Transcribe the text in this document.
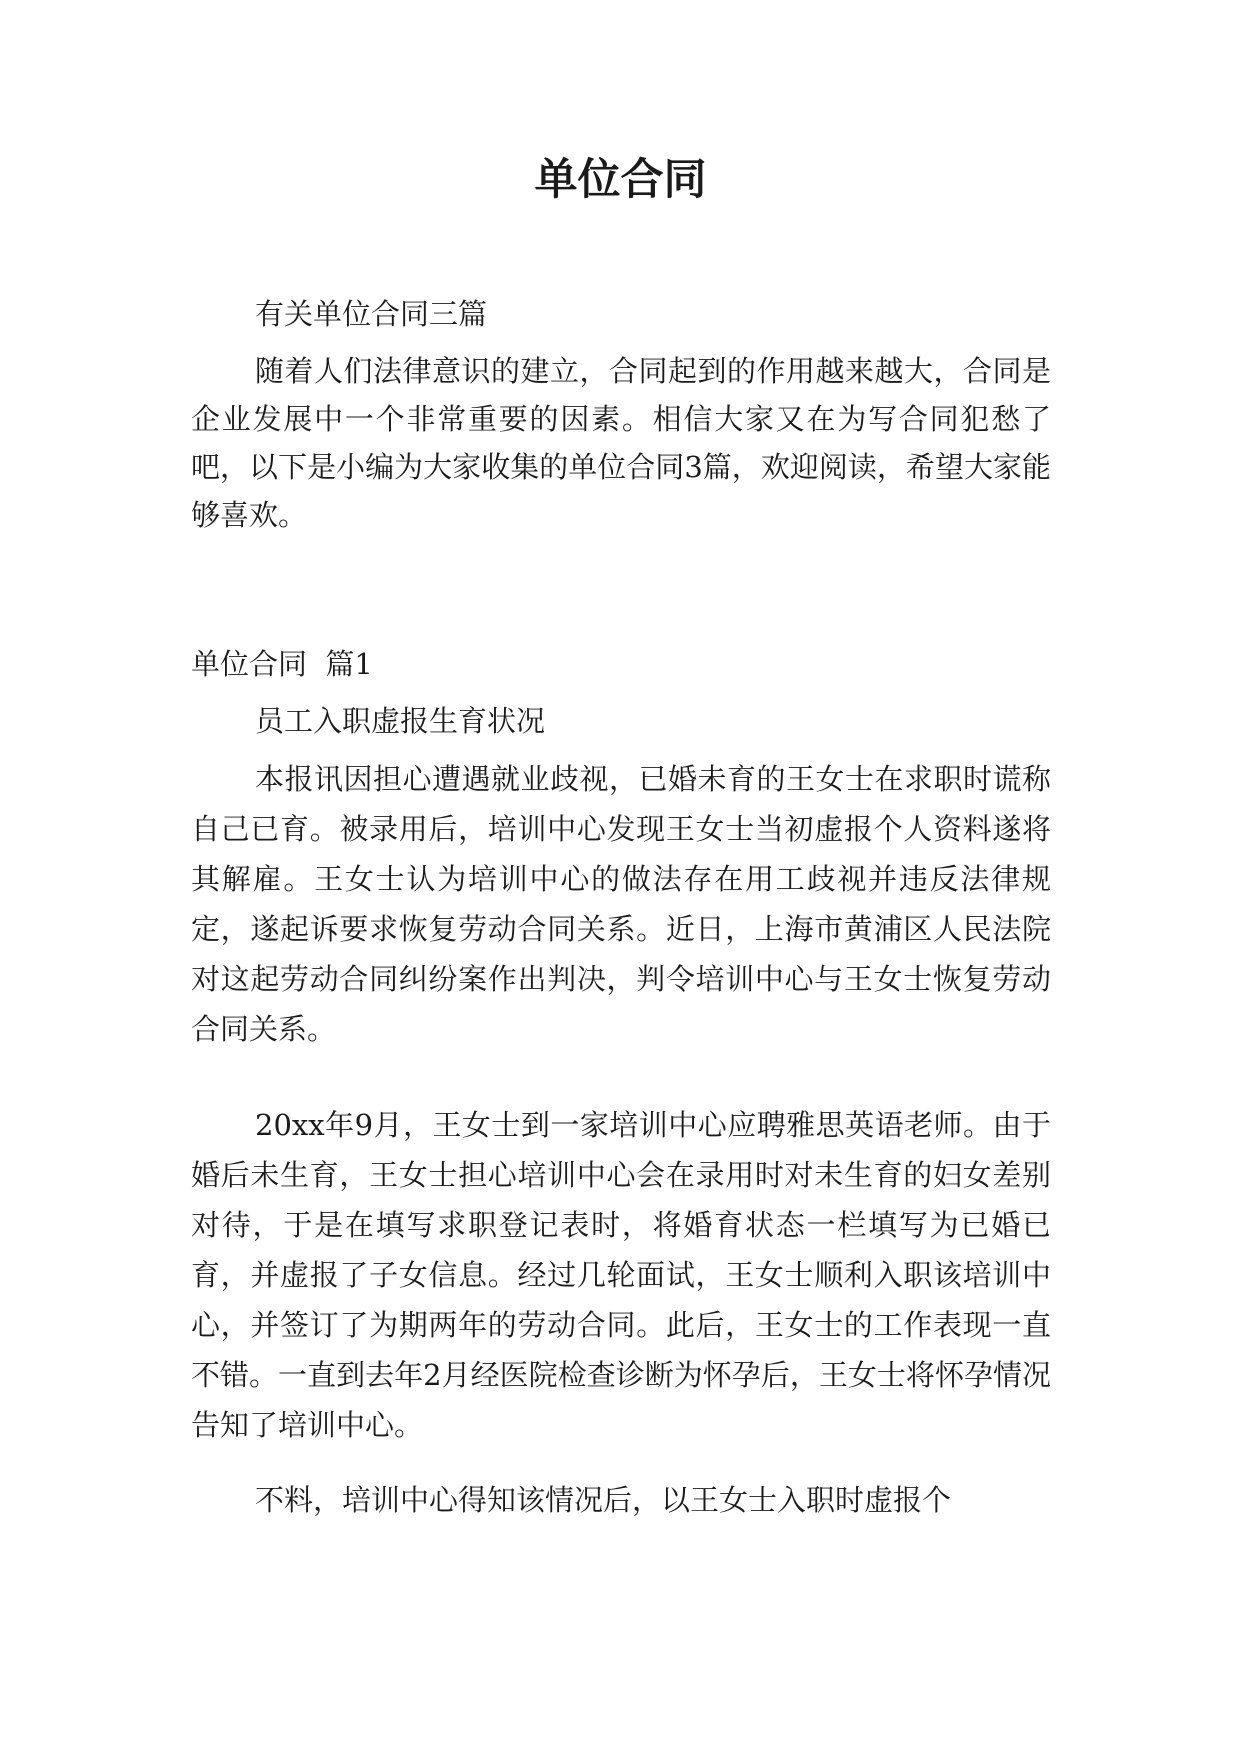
单位合同

有关单位合同三篇

随着人们法律意识的建立，合同起到的作用越来越大，合同是企业发展中一个非常重要的因素。相信大家又在为写合同犯愁了吧，以下是小编为大家收集的单位合同3篇，欢迎阅读，希望大家能够喜欢。

单位合同  篇1

员工入职虚报生育状况

本报讯因担心遭遇就业歧视，已婚未育的王女士在求职时谎称自己已育。被录用后，培训中心发现王女士当初虚报个人资料遂将其解雇。王女士认为培训中心的做法存在用工歧视并违反法律规定，遂起诉要求恢复劳动合同关系。近日，上海市黄浦区人民法院对这起劳动合同纠纷案作出判决，判令培训中心与王女士恢复劳动合同关系。

20xx年9月，王女士到一家培训中心应聘雅思英语老师。由于婚后未生育，王女士担心培训中心会在录用时对未生育的妇女差别对待，于是在填写求职登记表时，将婚育状态一栏填写为已婚已育，并虚报了子女信息。经过几轮面试，王女士顺利入职该培训中心，并签订了为期两年的劳动合同。此后，王女士的工作表现一直不错。一直到去年2月经医院检查诊断为怀孕后，王女士将怀孕情况告知了培训中心。

不料，培训中心得知该情况后，以王女士入职时虚报个
